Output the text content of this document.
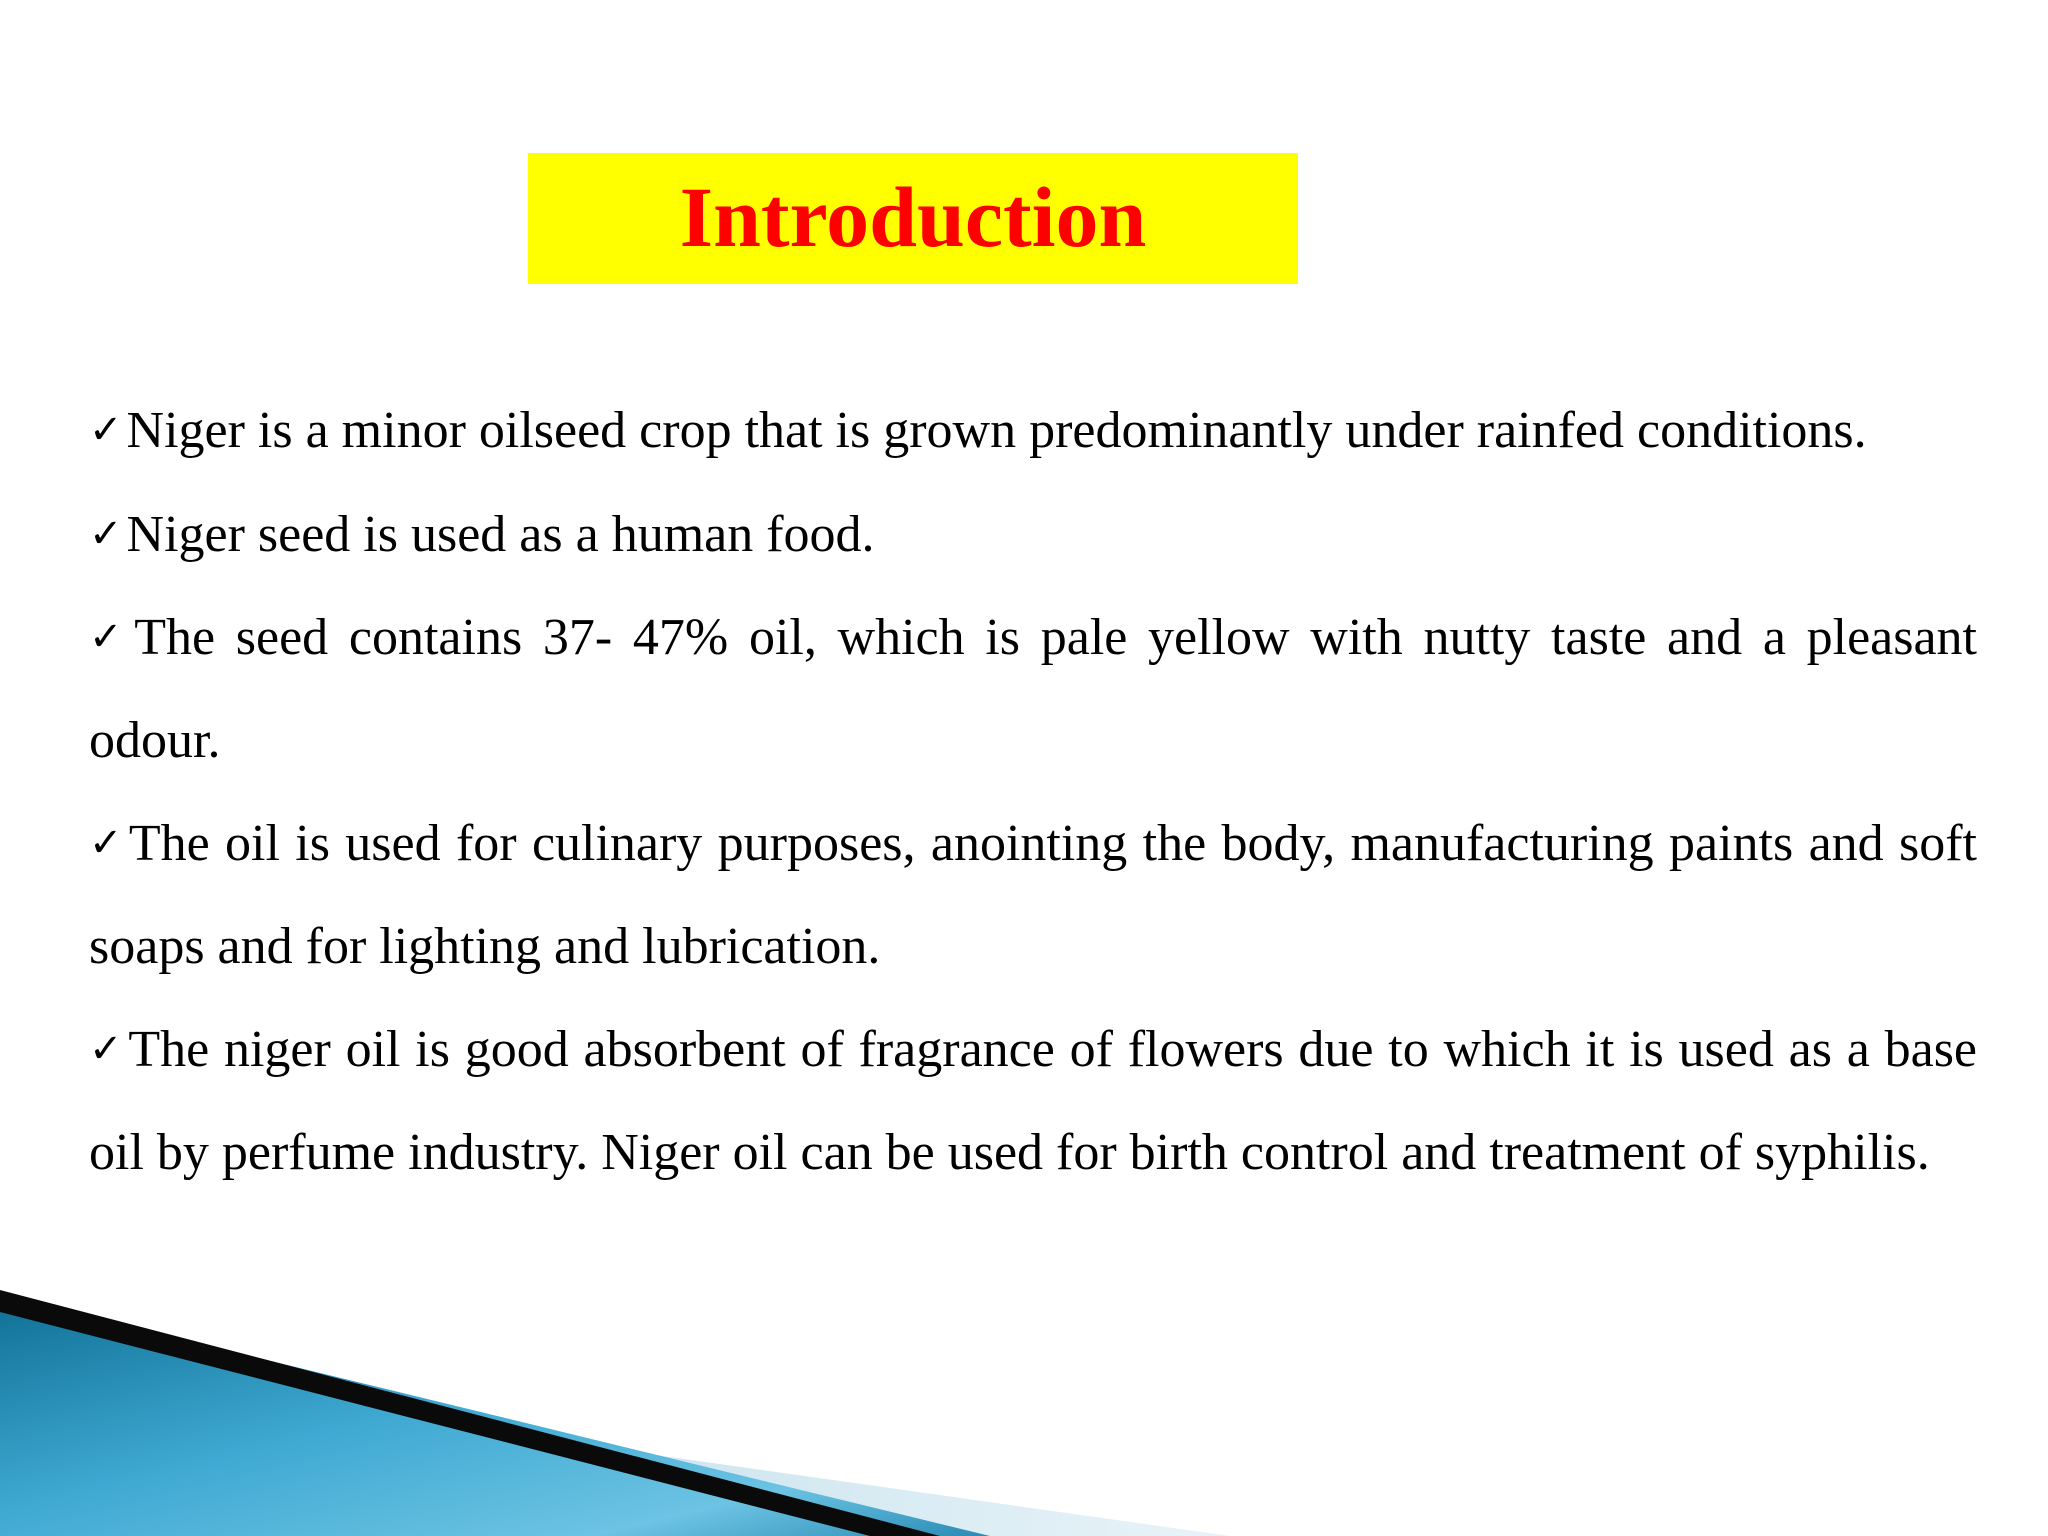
Introduction

✓Niger is a minor oilseed crop that is grown predominantly under rainfed conditions.

✓Niger seed is used as a human food.

✓The seed contains 37- 47% oil, which is pale yellow with nutty taste and a pleasant odour.

✓The oil is used for culinary purposes, anointing the body, manufacturing paints and soft soaps and for lighting and lubrication.

✓The niger oil is good absorbent of fragrance of flowers due to which it is used as a base oil by perfume industry. Niger oil can be used for birth control and treatment of syphilis.
